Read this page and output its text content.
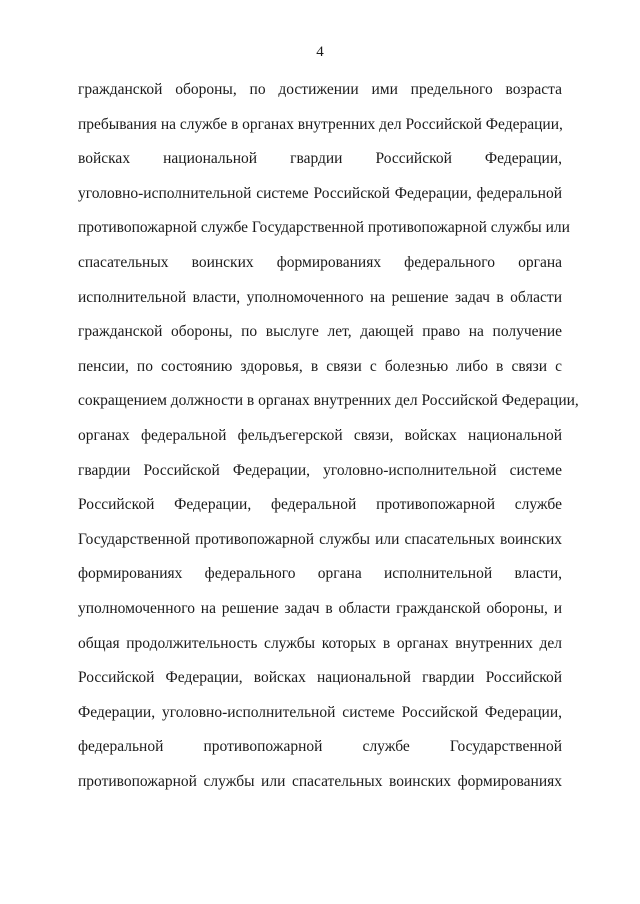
4
гражданской обороны, по достижении ими предельного возраста
пребывания на службе в органах внутренних дел Российской Федерации,
войсках национальной гвардии Российской Федерации,
уголовно-исполнительной системе Российской Федерации, федеральной
противопожарной службе Государственной противопожарной службы или
спасательных воинских формированиях федерального органа
исполнительной власти, уполномоченного на решение задач в области
гражданской обороны, по выслуге лет, дающей право на получение
пенсии, по состоянию здоровья, в связи с болезнью либо в связи с
сокращением должности в органах внутренних дел Российской Федерации,
органах федеральной фельдъегерской связи, войсках национальной
гвардии Российской Федерации, уголовно-исполнительной системе
Российской Федерации, федеральной противопожарной службе
Государственной противопожарной службы или спасательных воинских
формированиях федерального органа исполнительной власти,
уполномоченного на решение задач в области гражданской обороны, и
общая продолжительность службы которых в органах внутренних дел
Российской Федерации, войсках национальной гвардии Российской
Федерации, уголовно-исполнительной системе Российской Федерации,
федеральной противопожарной службе Государственной
противопожарной службы или спасательных воинских формированиях
